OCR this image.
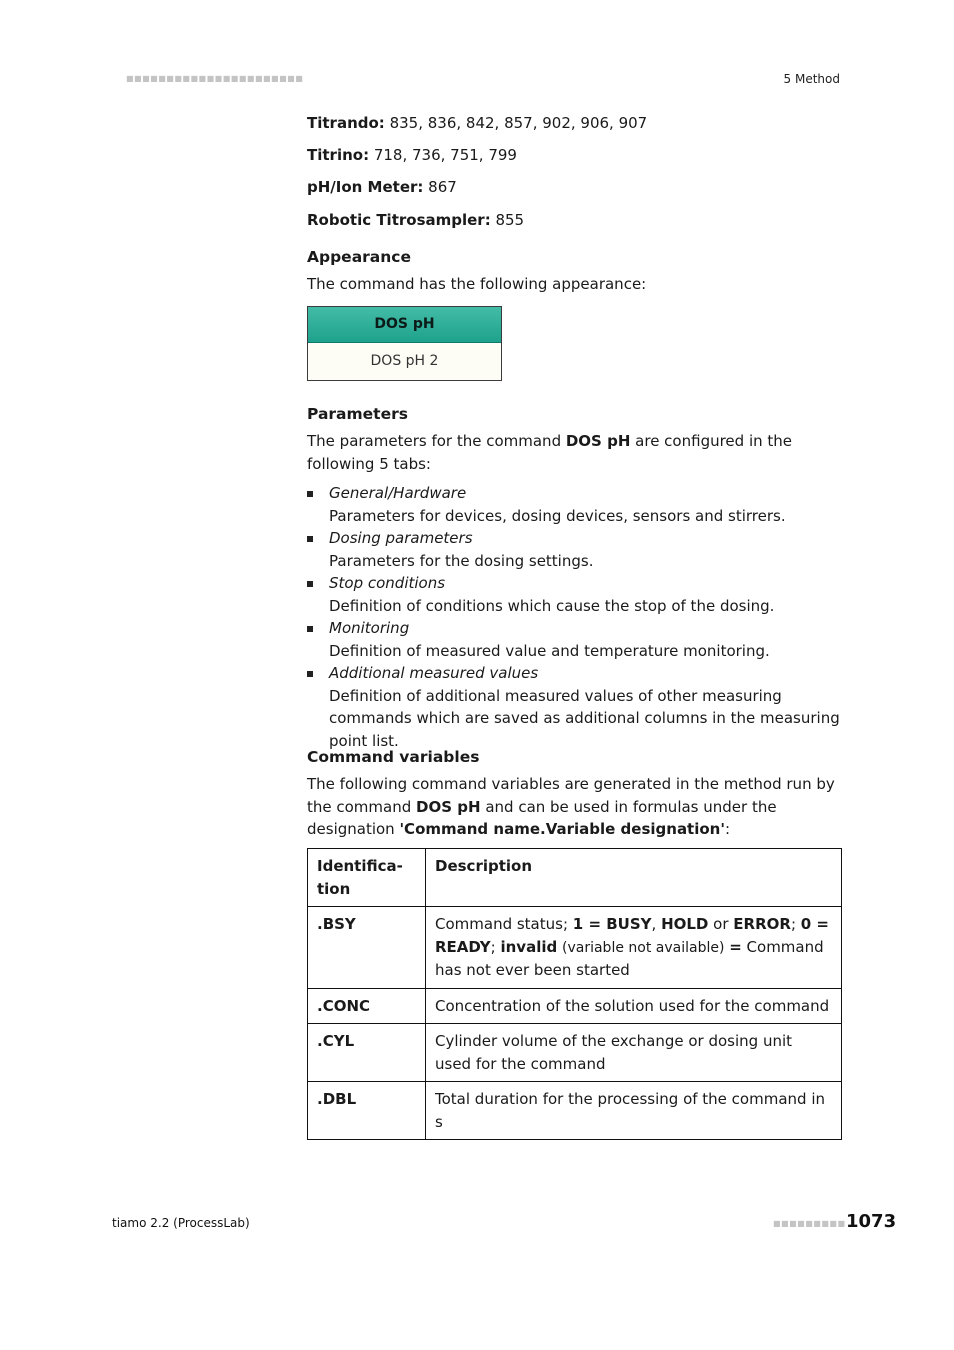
■■■■■■■■■■■■■■■■■■■■■■	5 Method

Titrando: 835, 836, 842, 857, 902, 906, 907

Titrino: 718, 736, 751, 799

pH/Ion Meter: 867

Robotic Titrosampler: 855

Appearance

The command has the following appearance:

DOS pH
DOS pH 2
Parameters

The parameters for the command DOS pH are configured in the following 5 tabs:

General/Hardware
Parameters for devices, dosing devices, sensors and stirrers.
Dosing parameters
Parameters for the dosing settings.
Stop conditions
Definition of conditions which cause the stop of the dosing.
Monitoring
Definition of measured value and temperature monitoring.
Additional measured values
Definition of additional measured values of other measuring commands which are saved as additional columns in the measuring point list.
Command variables

The following command variables are generated in the method run by the command DOS pH and can be used in formulas under the designation 'Command name.Variable designation':

Identifica-tion	Description
.BSY	Command status; 1 = BUSY, HOLD or ERROR; 0 = READY; invalid (variable not available) = Command has not ever been started
.CONC	Concentration of the solution used for the command
.CYL	Cylinder volume of the exchange or dosing unit used for the command
.DBL	Total duration for the processing of the command in s
tiamo 2.2 (ProcessLab)	■■■■■■■■■ 1073
